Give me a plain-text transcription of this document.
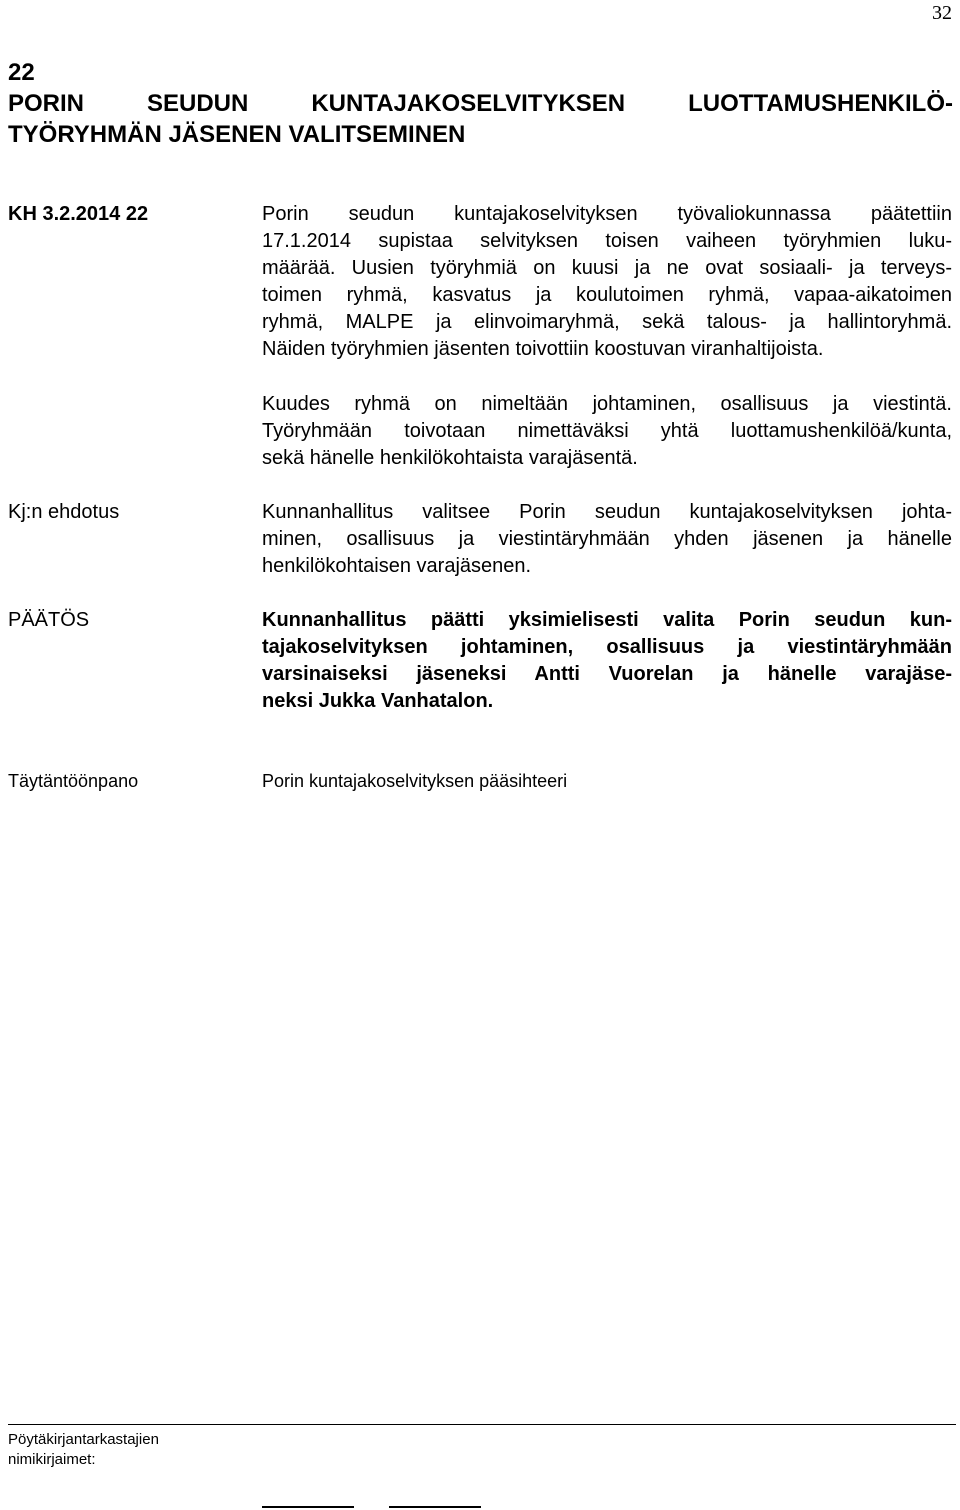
32
22
PORIN	SEUDUN	KUNTAJAKOSELVITYKSEN	LUOTTAMUSHENKILÖ-
TYÖRYHMÄN JÄSENEN VALITSEMINEN
KH 3.2.2014 22	Porin seudun kuntajakoselvityksen työvaliokunnassa päätettiin
17.1.2014 supistaa selvityksen toisen vaiheen työryhmien luku-
määrää. Uusien työryhmiä on kuusi ja ne ovat sosiaali- ja terveys-
toimen ryhmä, kasvatus ja koulutoimen ryhmä, vapaa-aikatoimen
ryhmä, MALPE ja elinvoimaryhmä, sekä talous- ja hallintoryhmä.
Näiden työryhmien jäsenten toivottiin koostuvan viranhaltijoista.
Kuudes ryhmä on nimeltään johtaminen, osallisuus ja viestintä.
Työryhmään toivotaan nimettäväksi yhtä luottamushenkilöä/kunta,
sekä hänelle henkilökohtaista varajäsentä.
Kj:n ehdotus	Kunnanhallitus valitsee Porin seudun kuntajakoselvityksen johta-
minen, osallisuus ja viestintäryhmään yhden jäsenen ja hänelle
henkilökohtaisen varajäsenen.
PÄÄTÖS	Kunnanhallitus päätti yksimielisesti valita Porin seudun kun-
tajakoselvityksen johtaminen, osallisuus ja viestintäryhmään
varsinaiseksi jäseneksi Antti Vuorelan ja hänelle varajäse-
neksi Jukka Vanhatalon.
Täytäntöönpano	Porin kuntajakoselvityksen pääsihteeri
Pöytäkirjantarkastajien
nimikirjaimet:
